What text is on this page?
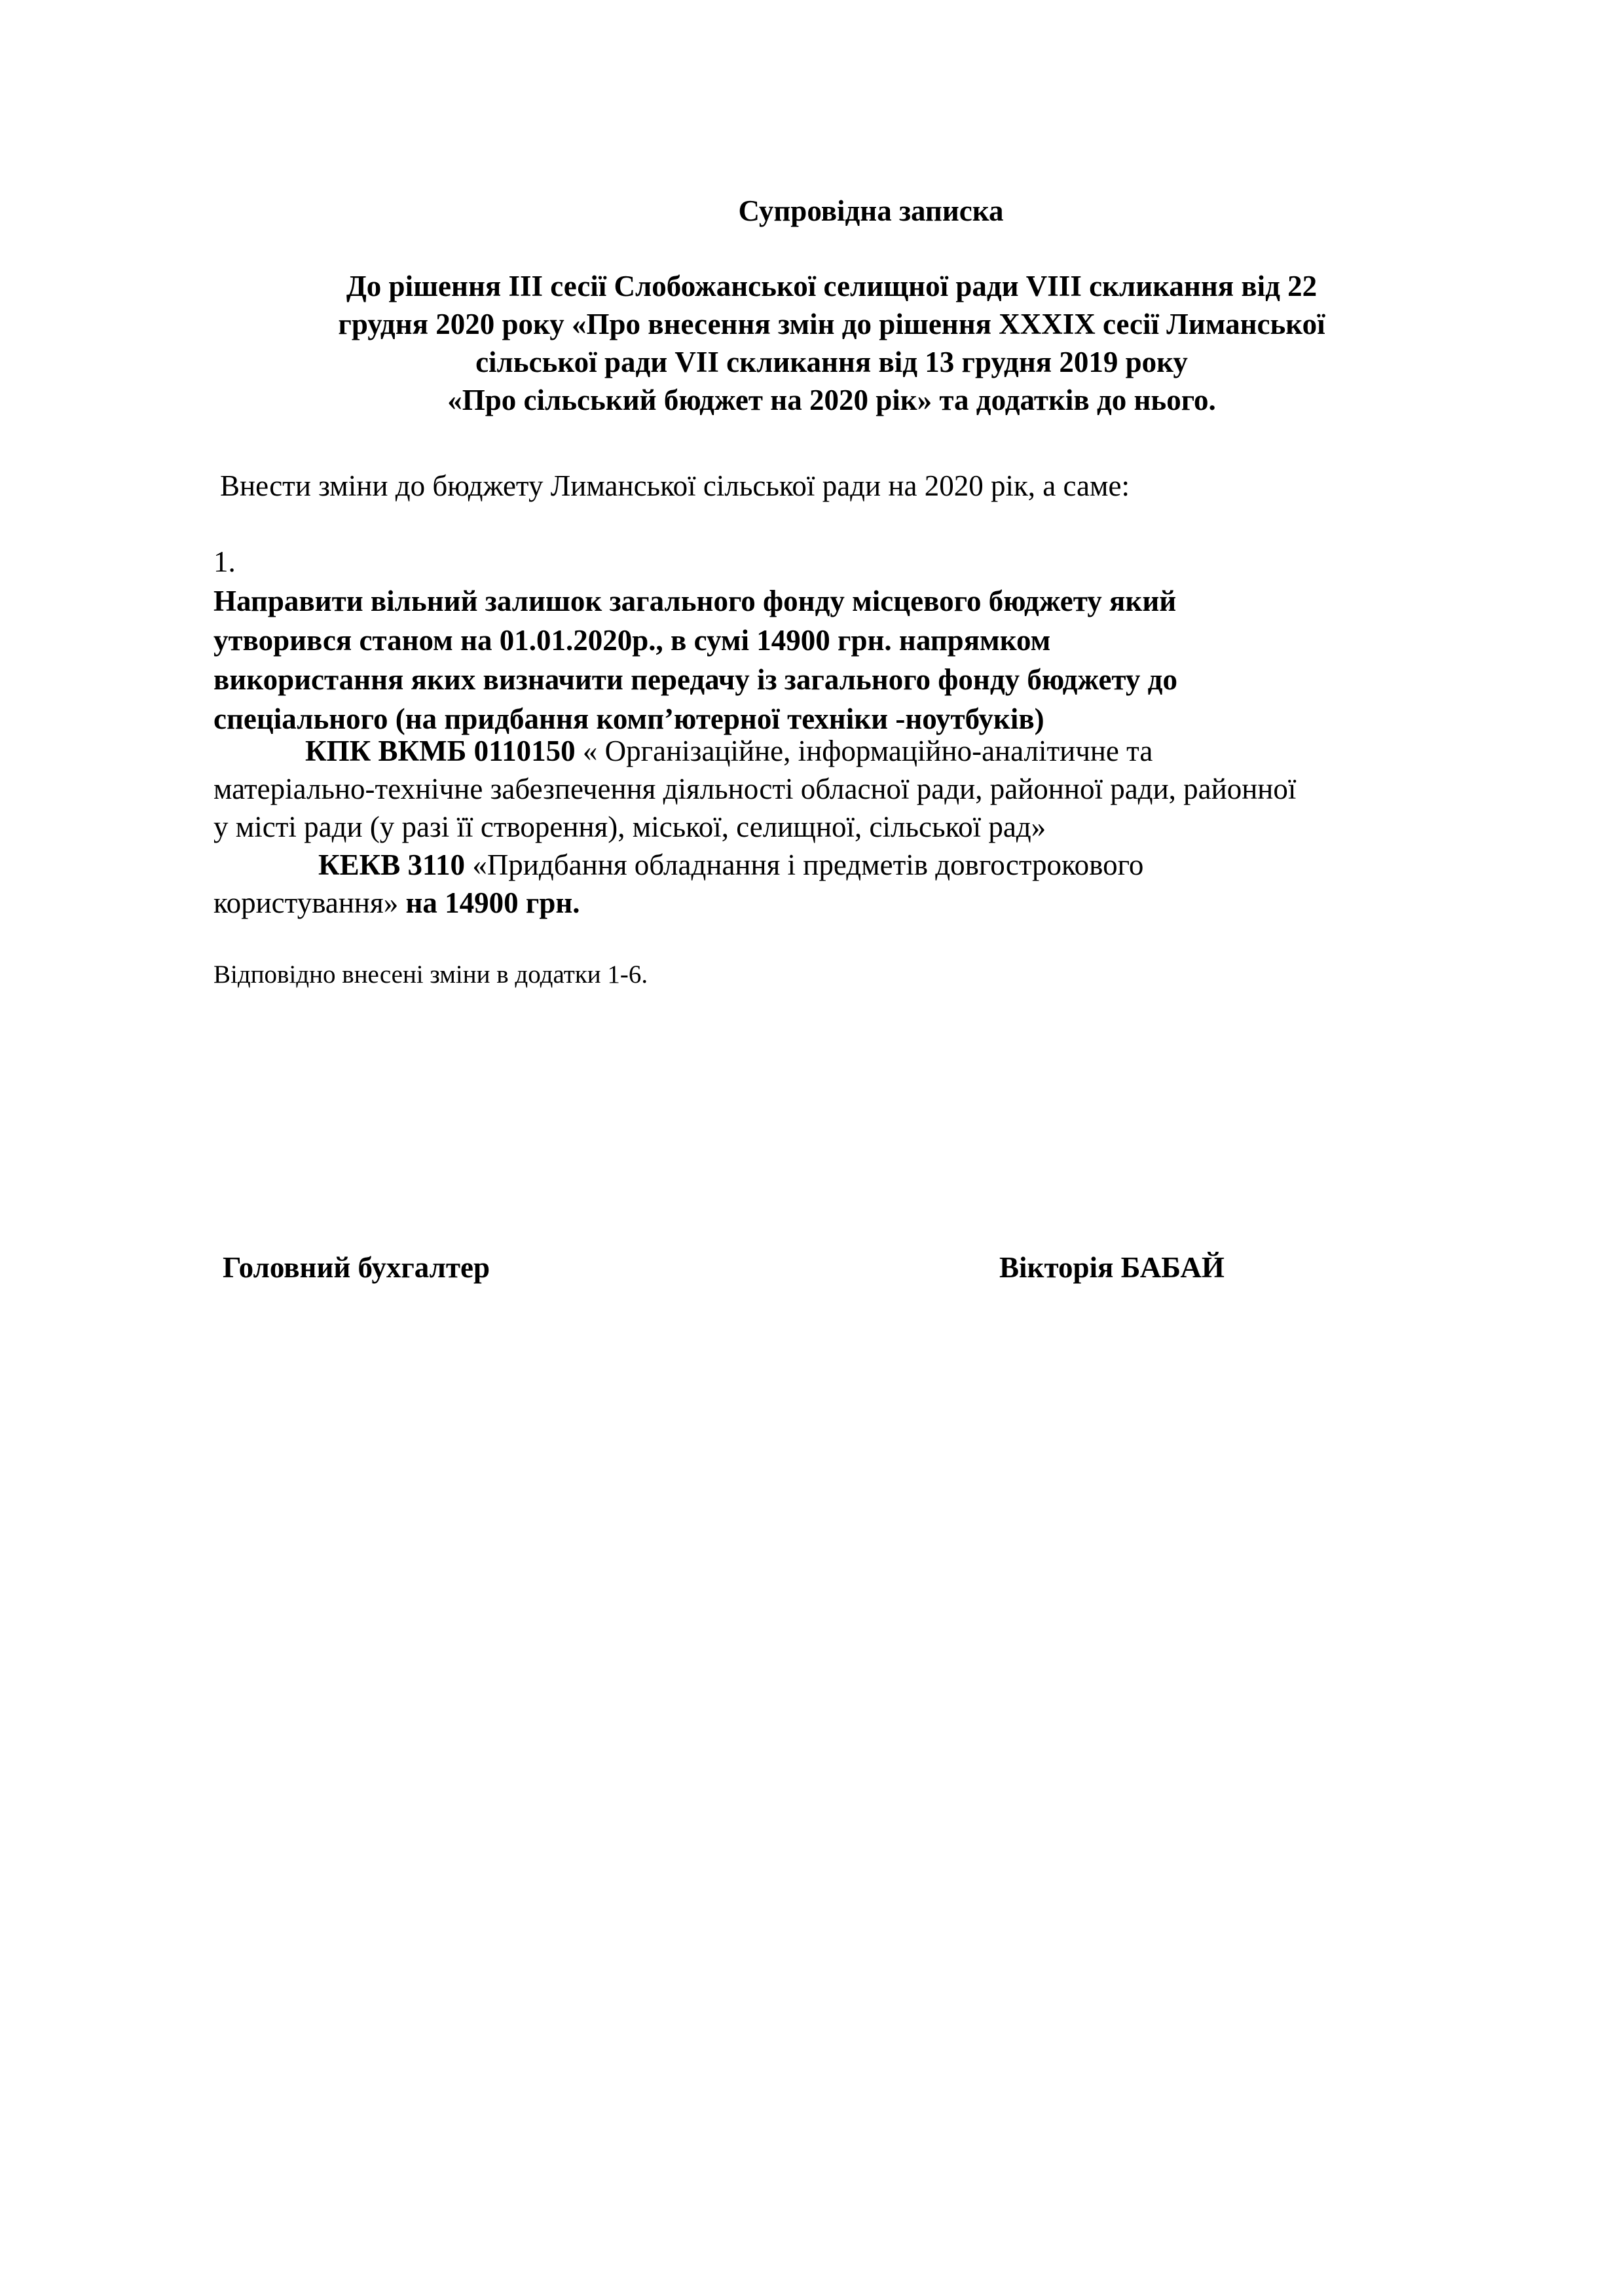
Супровідна записка

До рішення ІІІ сесії Слобожанської селищної ради VIII скликання від 22
грудня 2020 року «Про внесення змін до рішення XXXІX сесії Лиманської
сільської ради VІІ скликання від 13 грудня 2019 року
«Про сільський бюджет на 2020 рік» та додатків до нього.

Внести зміни до бюджету Лиманської сільської ради на 2020 рік, а саме:

1.
Направити вільний залишок загального фонду місцевого бюджету який
утворився станом на 01.01.2020р., в сумі 14900 грн. напрямком
використання яких визначити передачу із загального фонду бюджету до
спеціального (на придбання комп’ютерної техніки -ноутбуків)

КПК ВКМБ 0110150 « Організаційне, інформаційно-аналітичне та
матеріально-технічне забезпечення діяльності обласної ради, районної ради, районної
у місті ради (у разі її створення), міської, селищної, сільської рад»
КЕКВ 3110 «Придбання обладнання і предметів довгострокового
користування» на 14900 грн.

Відповідно внесені зміни в додатки 1-6.

Головний бухгалтер	Вікторія БАБАЙ
